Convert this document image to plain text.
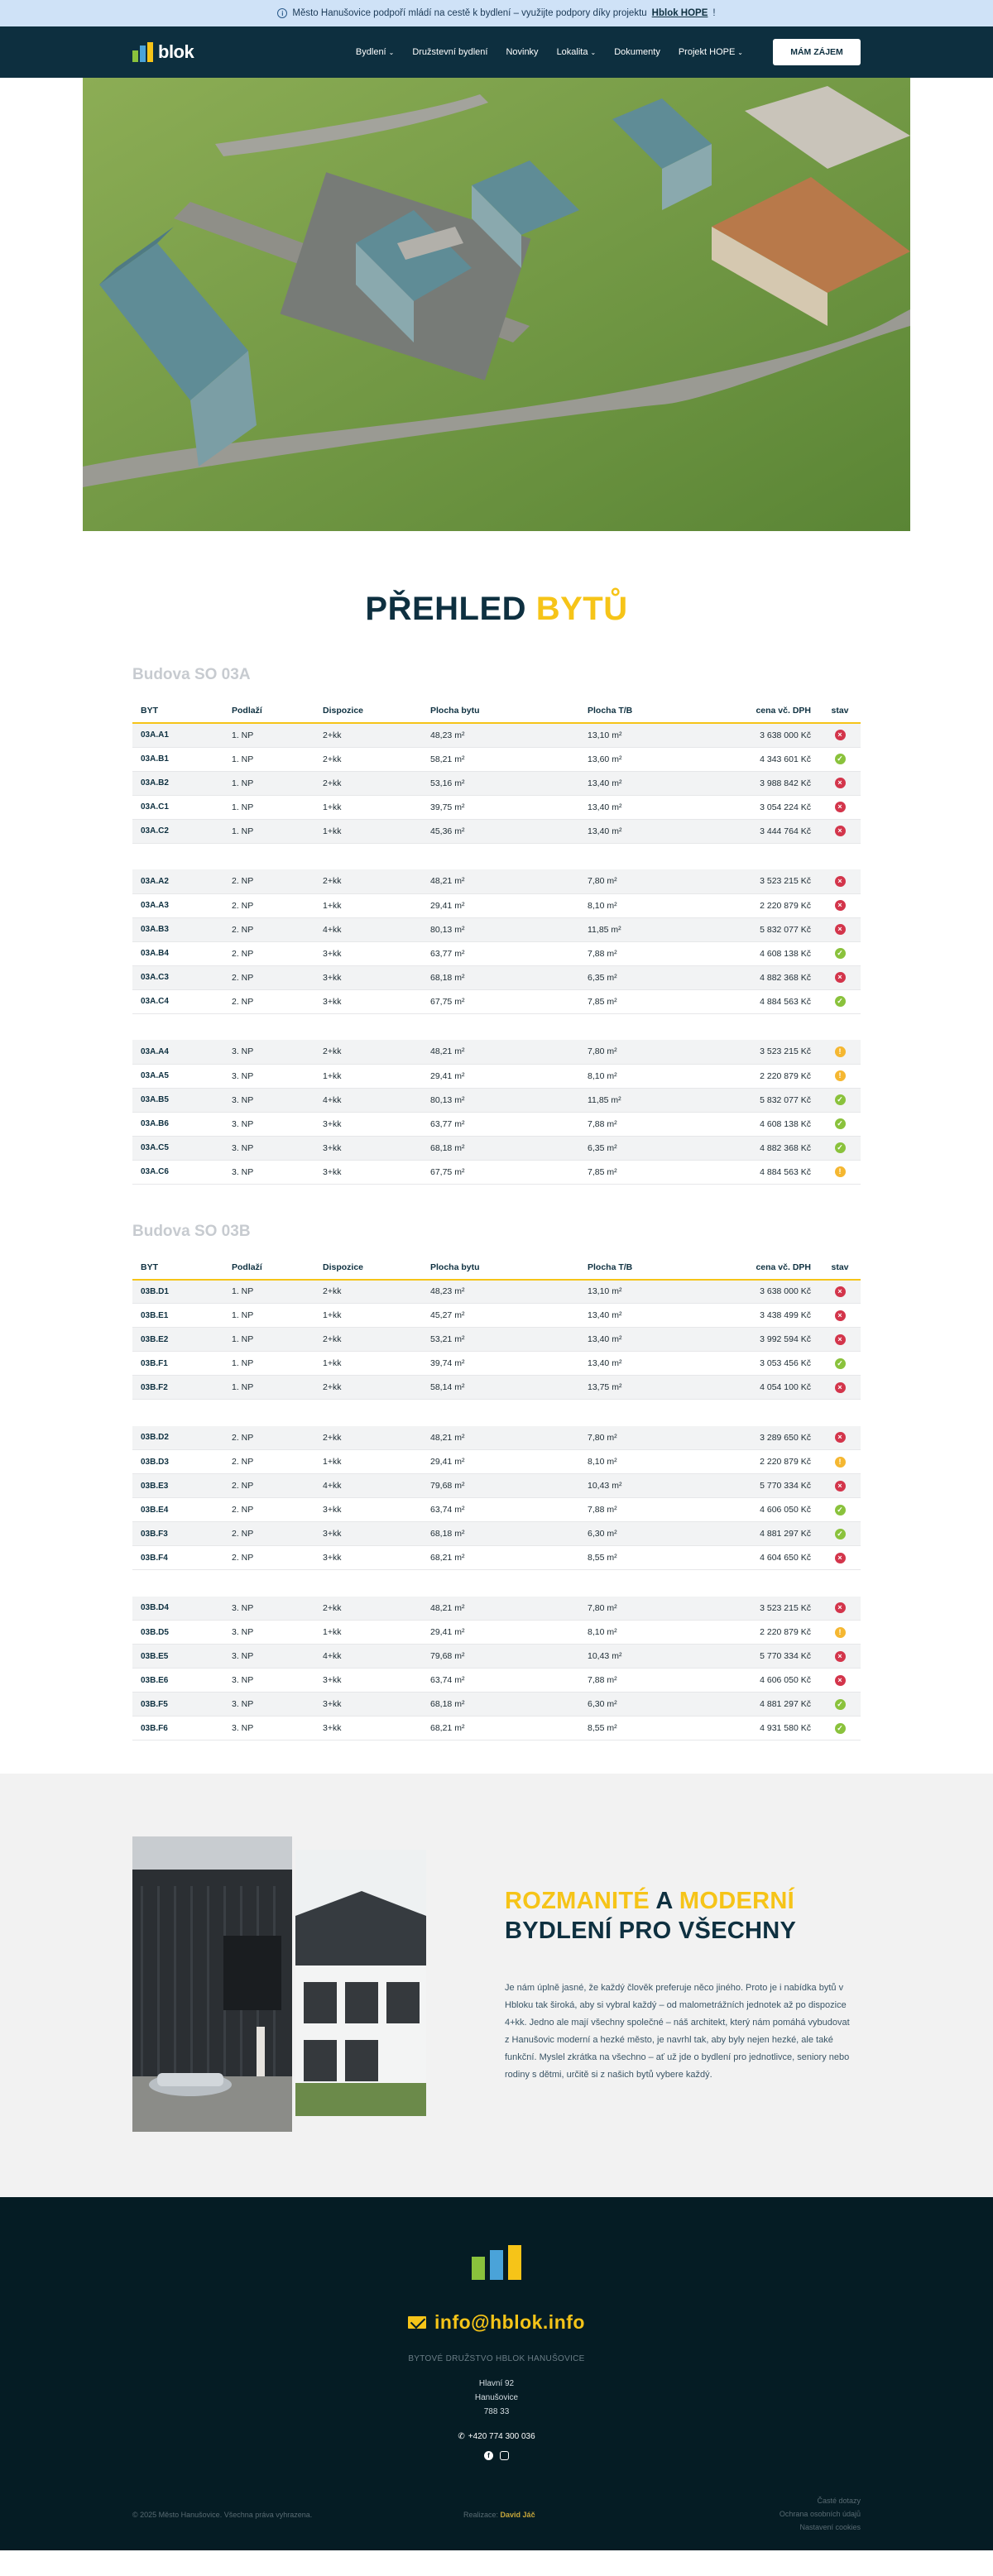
i Město Hanušovice podpoří mládí na cestě k bydlení – využijte podpory díky projektu Hblok HOPE !
blok	Bydlení ⌄ Družstevní bydlení Novinky Lokalita ⌄ Dokumenty Projekt HOPE ⌄	MÁM ZÁJEM
PŘEHLED BYTŮ
Budova SO 03A
BYT	Podlaží	Dispozice	Plocha bytu	Plocha T/B	cena vč. DPH	stav
03A.A1	1. NP	2+kk	48,23 m²	13,10 m²	3 638 000 Kč	×
03A.B1	1. NP	2+kk	58,21 m²	13,60 m²	4 343 601 Kč	✓
03A.B2	1. NP	2+kk	53,16 m²	13,40 m²	3 988 842 Kč	×
03A.C1	1. NP	1+kk	39,75 m²	13,40 m²	3 054 224 Kč	×
03A.C2	1. NP	1+kk	45,36 m²	13,40 m²	3 444 764 Kč	×

03A.A2	2. NP	2+kk	48,21 m²	7,80 m²	3 523 215 Kč	×
03A.A3	2. NP	1+kk	29,41 m²	8,10 m²	2 220 879 Kč	×
03A.B3	2. NP	4+kk	80,13 m²	11,85 m²	5 832 077 Kč	×
03A.B4	2. NP	3+kk	63,77 m²	7,88 m²	4 608 138 Kč	✓
03A.C3	2. NP	3+kk	68,18 m²	6,35 m²	4 882 368 Kč	×
03A.C4	2. NP	3+kk	67,75 m²	7,85 m²	4 884 563 Kč	✓

03A.A4	3. NP	2+kk	48,21 m²	7,80 m²	3 523 215 Kč	!
03A.A5	3. NP	1+kk	29,41 m²	8,10 m²	2 220 879 Kč	!
03A.B5	3. NP	4+kk	80,13 m²	11,85 m²	5 832 077 Kč	✓
03A.B6	3. NP	3+kk	63,77 m²	7,88 m²	4 608 138 Kč	✓
03A.C5	3. NP	3+kk	68,18 m²	6,35 m²	4 882 368 Kč	✓
03A.C6	3. NP	3+kk	67,75 m²	7,85 m²	4 884 563 Kč	!
Budova SO 03B
BYT	Podlaží	Dispozice	Plocha bytu	Plocha T/B	cena vč. DPH	stav
03B.D1	1. NP	2+kk	48,23 m²	13,10 m²	3 638 000 Kč	×
03B.E1	1. NP	1+kk	45,27 m²	13,40 m²	3 438 499 Kč	×
03B.E2	1. NP	2+kk	53,21 m²	13,40 m²	3 992 594 Kč	×
03B.F1	1. NP	1+kk	39,74 m²	13,40 m²	3 053 456 Kč	✓
03B.F2	1. NP	2+kk	58,14 m²	13,75 m²	4 054 100 Kč	×

03B.D2	2. NP	2+kk	48,21 m²	7,80 m²	3 289 650 Kč	×
03B.D3	2. NP	1+kk	29,41 m²	8,10 m²	2 220 879 Kč	!
03B.E3	2. NP	4+kk	79,68 m²	10,43 m²	5 770 334 Kč	×
03B.E4	2. NP	3+kk	63,74 m²	7,88 m²	4 606 050 Kč	✓
03B.F3	2. NP	3+kk	68,18 m²	6,30 m²	4 881 297 Kč	✓
03B.F4	2. NP	3+kk	68,21 m²	8,55 m²	4 604 650 Kč	×

03B.D4	3. NP	2+kk	48,21 m²	7,80 m²	3 523 215 Kč	×
03B.D5	3. NP	1+kk	29,41 m²	8,10 m²	2 220 879 Kč	!
03B.E5	3. NP	4+kk	79,68 m²	10,43 m²	5 770 334 Kč	×
03B.E6	3. NP	3+kk	63,74 m²	7,88 m²	4 606 050 Kč	×
03B.F5	3. NP	3+kk	68,18 m²	6,30 m²	4 881 297 Kč	✓
03B.F6	3. NP	3+kk	68,21 m²	8,55 m²	4 931 580 Kč	✓
ROZMANITÉ A MODERNÍ
BYDLENÍ PRO VŠECHNY

Je nám úplně jasné, že každý člověk preferuje něco jiného. Proto je i nabídka bytů v Hbloku tak široká, aby si vybral každý – od malometrážních jednotek až po dispozice 4+kk. Jedno ale mají všechny společné – náš architekt, který nám pomáhá vybudovat z Hanušovic moderní a hezké město, je navrhl tak, aby byly nejen hezké, ale také funkční. Myslel zkrátka na všechno – ať už jde o bydlení pro jednotlivce, seniory nebo rodiny s dětmi, určitě si z našich bytů vybere každý.

info@hblok.info
BYTOVÉ DRUŽSTVO HBLOK HANUŠOVICE
Hlavní 92
Hanušovice
788 33
✆ +420 774 300 036
f
© 2025 Město Hanušovice. Všechna práva vyhrazena.	Realizace: David Jáč
Časté dotazy
Ochrana osobních údajů
Nastavení cookies
